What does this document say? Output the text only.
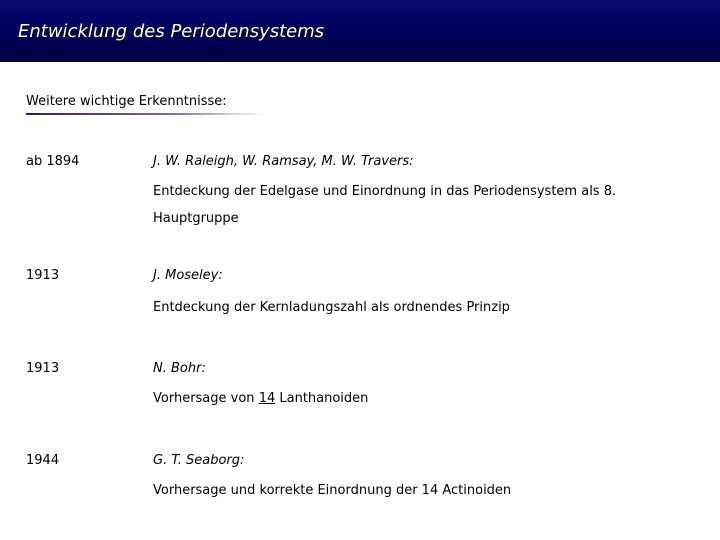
Entwicklung des Periodensystems
Weitere wichtige Erkenntnisse:
ab 1894	J. W. Raleigh, W. Ramsay, M. W. Travers:
Entdeckung der Edelgase und Einordnung in das Periodensystem als 8. Hauptgruppe
1913	J. Moseley:
Entdeckung der Kernladungszahl als ordnendes Prinzip
1913	N. Bohr:
Vorhersage von 14 Lanthanoiden
1944	G. T. Seaborg:
Vorhersage und korrekte Einordnung der 14 Actinoiden
